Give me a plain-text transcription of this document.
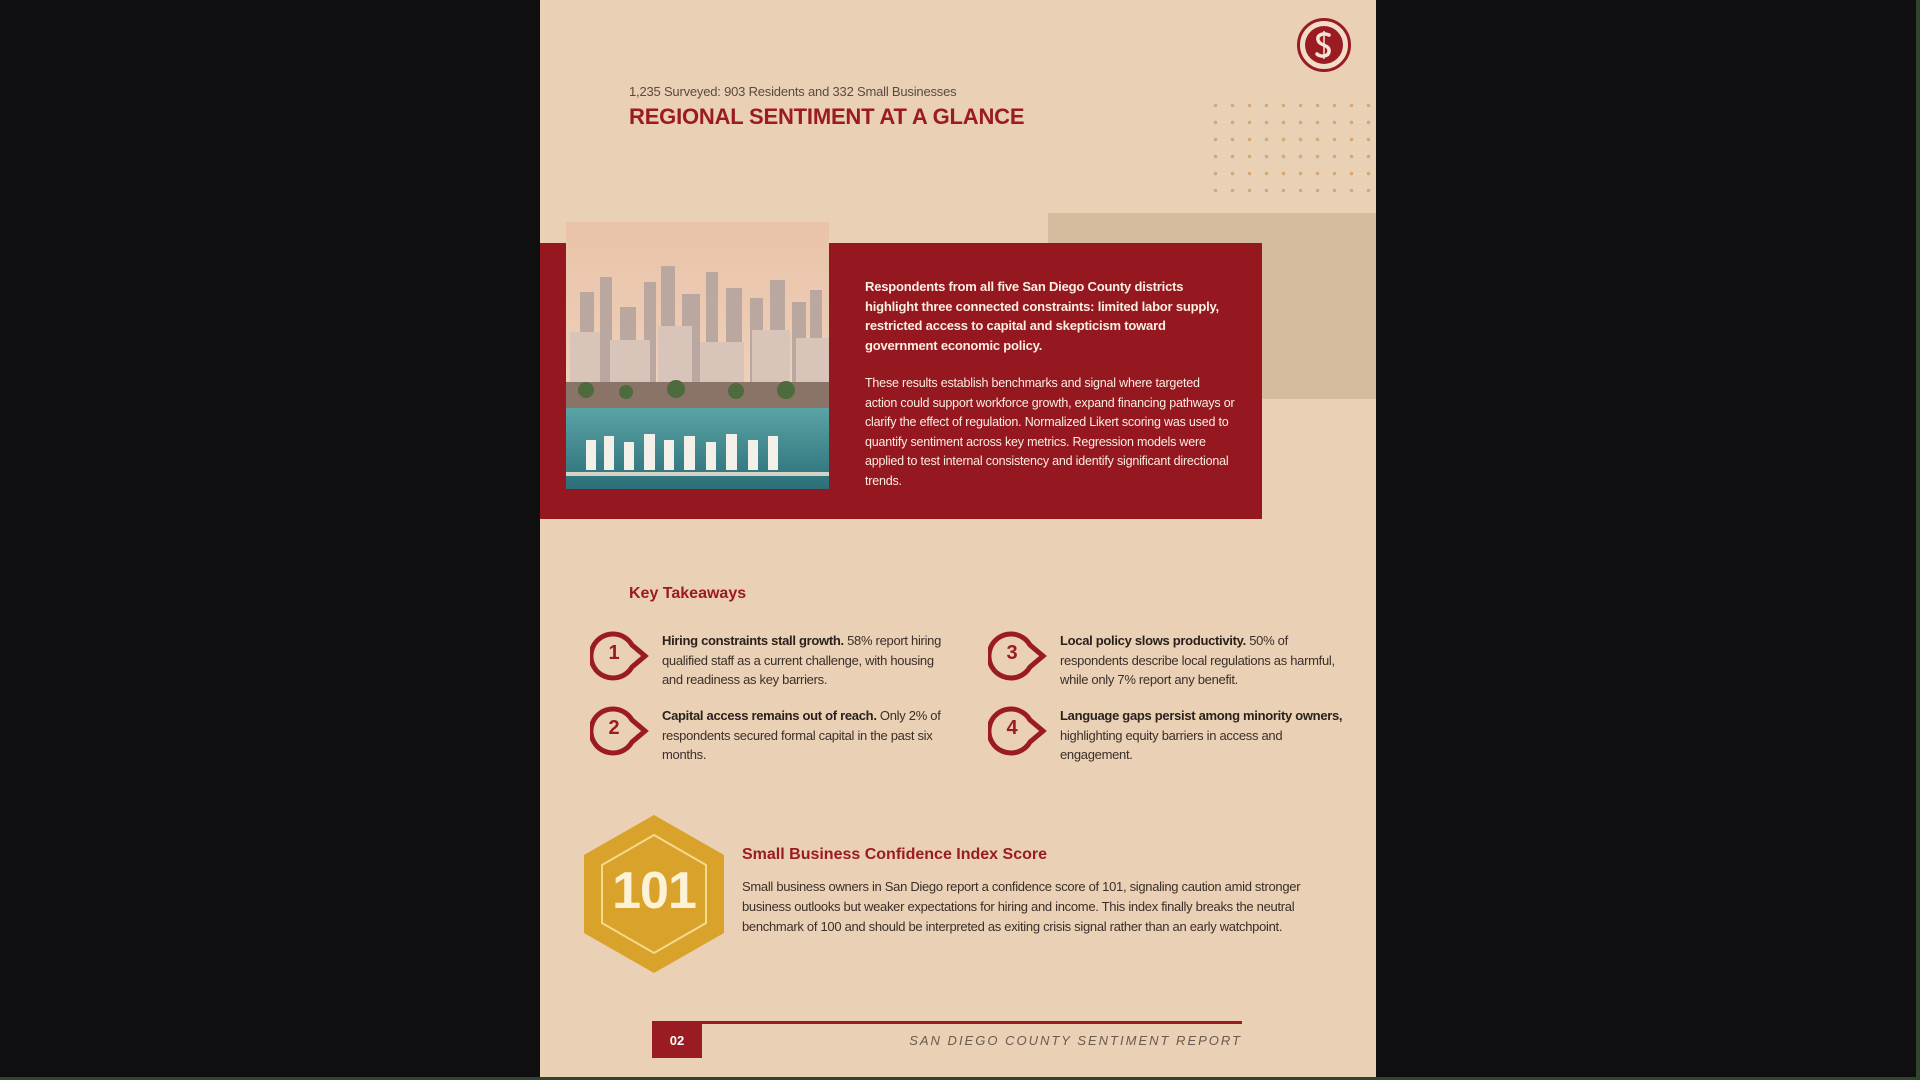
1,235 Surveyed: 903 Residents and 332 Small Businesses
REGIONAL SENTIMENT AT A GLANCE

Respondents from all five San Diego County districts highlight three connected constraints: limited labor supply, restricted access to capital and skepticism toward government economic policy.

These results establish benchmarks and signal where targeted action could support workforce growth, expand financing pathways or clarify the effect of regulation. Normalized Likert scoring was used to quantify sentiment across key metrics. Regression models were applied to test internal consistency and identify significant directional trends.

Key Takeaways
1
Hiring constraints stall growth. 58% report hiring qualified staff as a current challenge, with housing and readiness as key barriers.
2
Capital access remains out of reach. Only 2% of respondents secured formal capital in the past six months.
3
Local policy slows productivity. 50% of respondents describe local regulations as harmful, while only 7% report any benefit.
4
Language gaps persist among minority owners, highlighting equity barriers in access and engagement.
101
Small Business Confidence Index Score
Small business owners in San Diego report a confidence score of 101, signaling caution amid stronger business outlooks but weaker expectations for hiring and income. This index finally breaks the neutral benchmark of 100 and should be interpreted as exiting crisis signal rather than an early watchpoint.
02	SAN DIEGO COUNTY SENTIMENT REPORT
